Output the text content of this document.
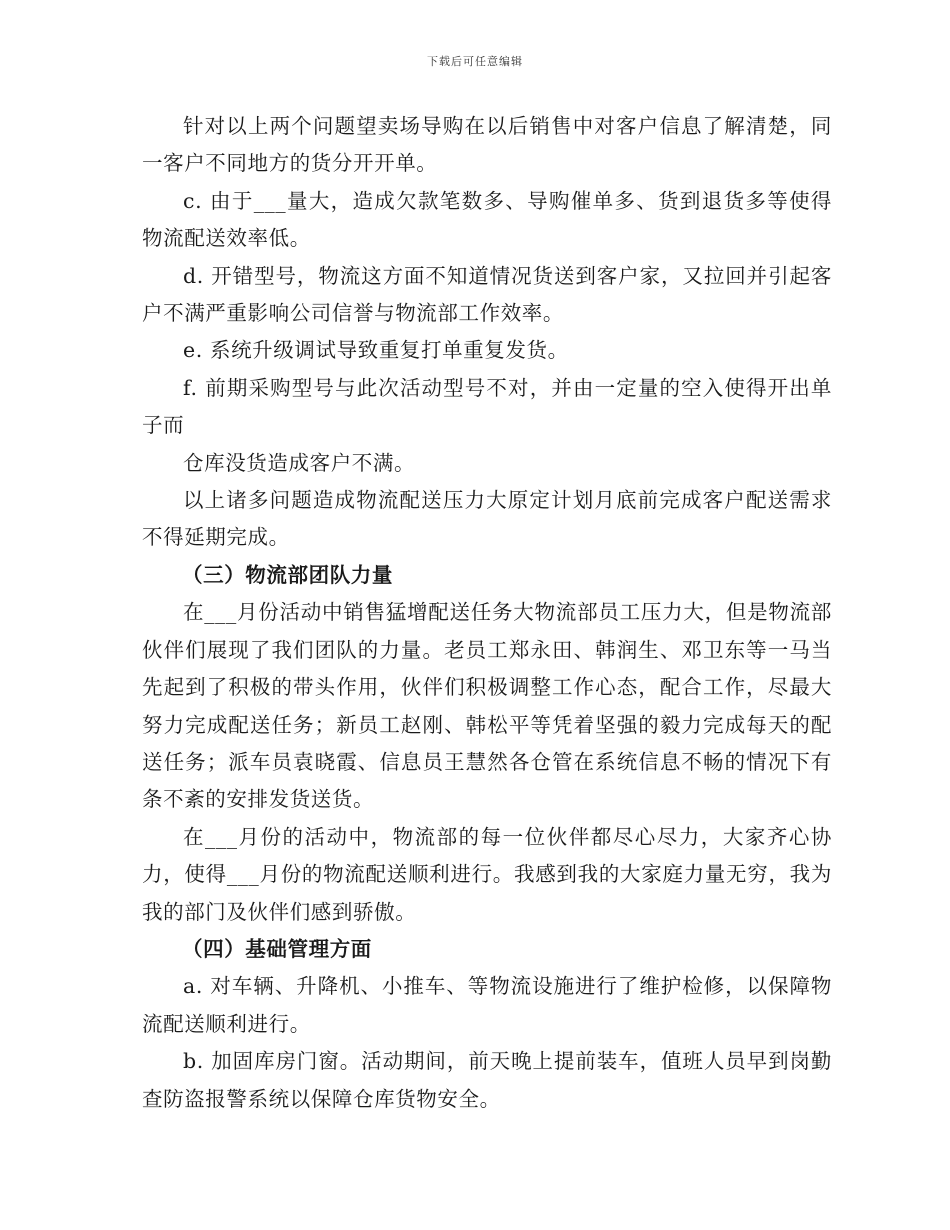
下载后可任意编辑

针对以上两个问题望卖场导购在以后销售中对客户信息了解清楚，同一客户不同地方的货分开开单。

c. 由于___量大，造成欠款笔数多、导购催单多、货到退货多等使得物流配送效率低。

d. 开错型号，物流这方面不知道情况货送到客户家，又拉回并引起客户不满严重影响公司信誉与物流部工作效率。

e. 系统升级调试导致重复打单重复发货。

f. 前期采购型号与此次活动型号不对，并由一定量的空入使得开出单子而

仓库没货造成客户不满。

以上诸多问题造成物流配送压力大原定计划月底前完成客户配送需求不得延期完成。

（三）物流部团队力量

在___月份活动中销售猛增配送任务大物流部员工压力大，但是物流部伙伴们展现了我们团队的力量。老员工郑永田、韩润生、邓卫东等一马当先起到了积极的带头作用，伙伴们积极调整工作心态，配合工作，尽最大努力完成配送任务；新员工赵刚、韩松平等凭着坚强的毅力完成每天的配送任务；派车员袁晓霞、信息员王慧然各仓管在系统信息不畅的情况下有条不紊的安排发货送货。

在___月份的活动中，物流部的每一位伙伴都尽心尽力，大家齐心协力，使得___月份的物流配送顺利进行。我感到我的大家庭力量无穷，我为我的部门及伙伴们感到骄傲。

（四）基础管理方面

a. 对车辆、升降机、小推车、等物流设施进行了维护检修，以保障物流配送顺利进行。

b. 加固库房门窗。活动期间，前天晚上提前装车，值班人员早到岗勤查防盗报警系统以保障仓库货物安全。
